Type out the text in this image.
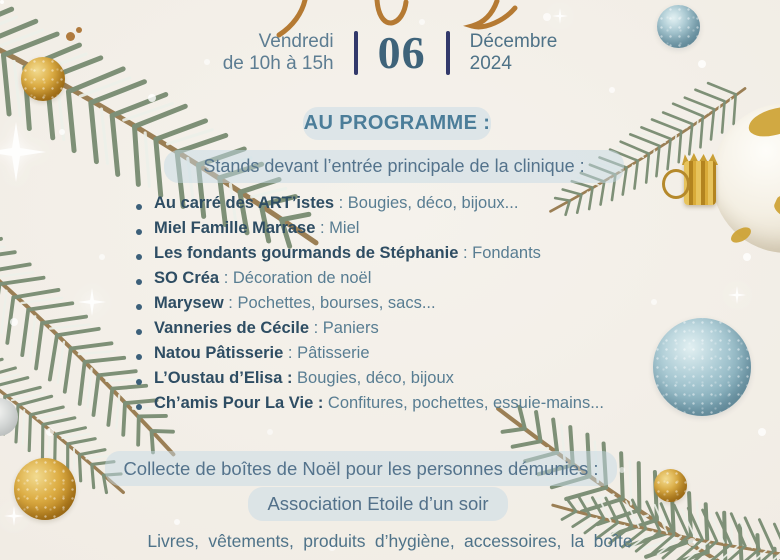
Vendredi
de 10h à 15h 06 Décembre
2024
AU PROGRAMME :
Stands devant l’entrée principale de la clinique :
Au carré des ART’istes : Bougies, déco, bijoux...
Miel Famille Marrase : Miel
Les fondants gourmands de Stéphanie : Fondants
SO Créa : Décoration de noël
Marysew : Pochettes, bourses, sacs...
Vanneries de Cécile : Paniers
Natou Pâtisserie : Pâtisserie
L’Oustau d’Elisa : Bougies, déco, bijoux
Ch’amis Pour La Vie : Confitures, pochettes, essuie-mains...
Collecte de boîtes de Noël pour les personnes démunies :
Association Etoile d’un soir
Livres, vêtements, produits d’hygiène, accessoires, la boîte
